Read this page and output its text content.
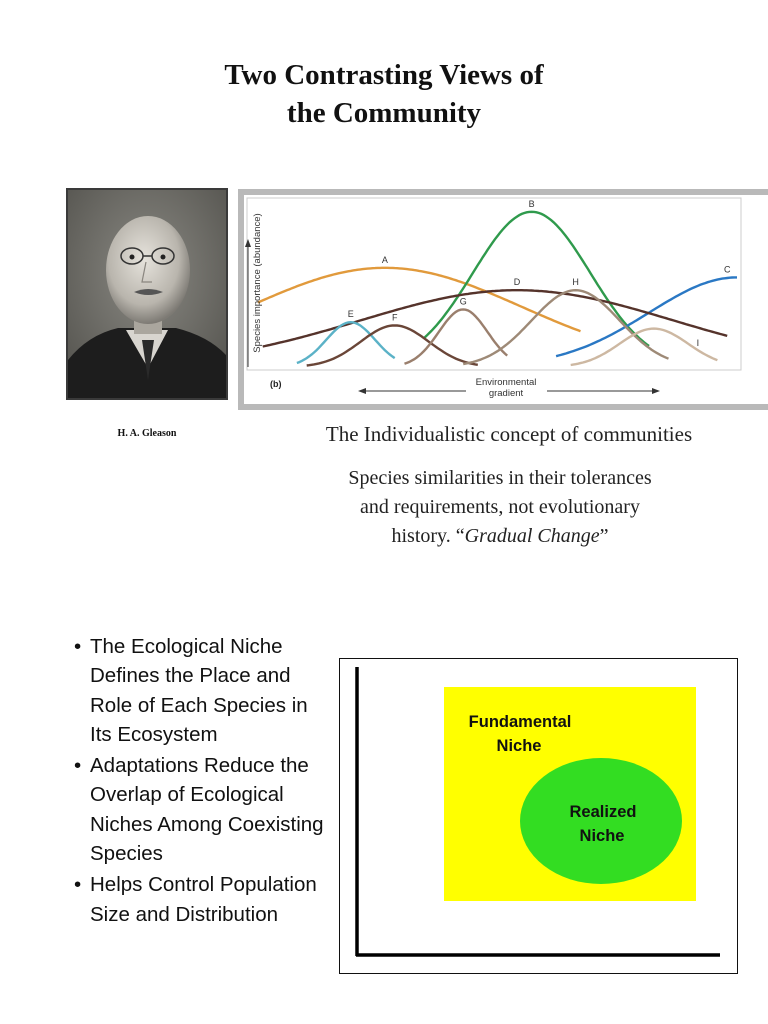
Two Contrasting Views of
the Community
H. A. Gleason
A
B
C
D
E	F
G
H
I
Species importance (abundance)
(b)	Environmental gradient
The Individualistic concept of communities
Species similarities in their tolerances
and requirements, not evolutionary
history. “Gradual Change”
• The Ecological Niche Defines the Place and Role of Each Species in Its Ecosystem
• Adaptations Reduce the Overlap of Ecological Niches Among Coexisting Species
• Helps Control Population Size and Distribution
Fundamental Niche
Realized Niche
